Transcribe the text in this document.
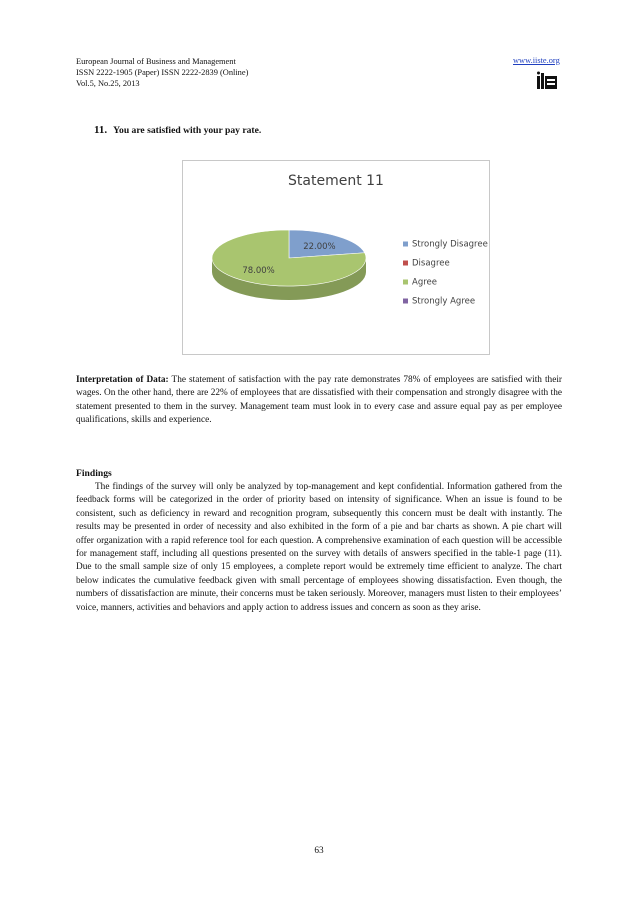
European Journal of Business and Management
ISSN 2222-1905 (Paper) ISSN 2222-2839 (Online)
Vol.5, No.25, 2013
www.iiste.org
11. You are satisfied with your pay rate.
Statement 11
22.00%
78.00%
Strongly Disagree
Disagree
Agree
Strongly Agree
Interpretation of Data: The statement of satisfaction with the pay rate demonstrates 78% of employees are satisfied with their wages. On the other hand, there are 22% of employees that are dissatisfied with their compensation and strongly disagree with the statement presented to them in the survey. Management team must look in to every case and assure equal pay as per employee qualifications, skills and experience.
Findings
The findings of the survey will only be analyzed by top-management and kept confidential. Information gathered from the feedback forms will be categorized in the order of priority based on intensity of significance. When an issue is found to be consistent, such as deficiency in reward and recognition program, subsequently this concern must be dealt with instantly. The results may be presented in order of necessity and also exhibited in the form of a pie and bar charts as shown. A pie chart will offer organization with a rapid reference tool for each question. A comprehensive examination of each question will be accessible for management staff, including all questions presented on the survey with details of answers specified in the table-1 page (11). Due to the small sample size of only 15 employees, a complete report would be extremely time efficient to analyze. The chart below indicates the cumulative feedback given with small percentage of employees showing dissatisfaction. Even though, the numbers of dissatisfaction are minute, their concerns must be taken seriously. Moreover, managers must listen to their employees’ voice, manners, activities and behaviors and apply action to address issues and concern as soon as they arise.
63
